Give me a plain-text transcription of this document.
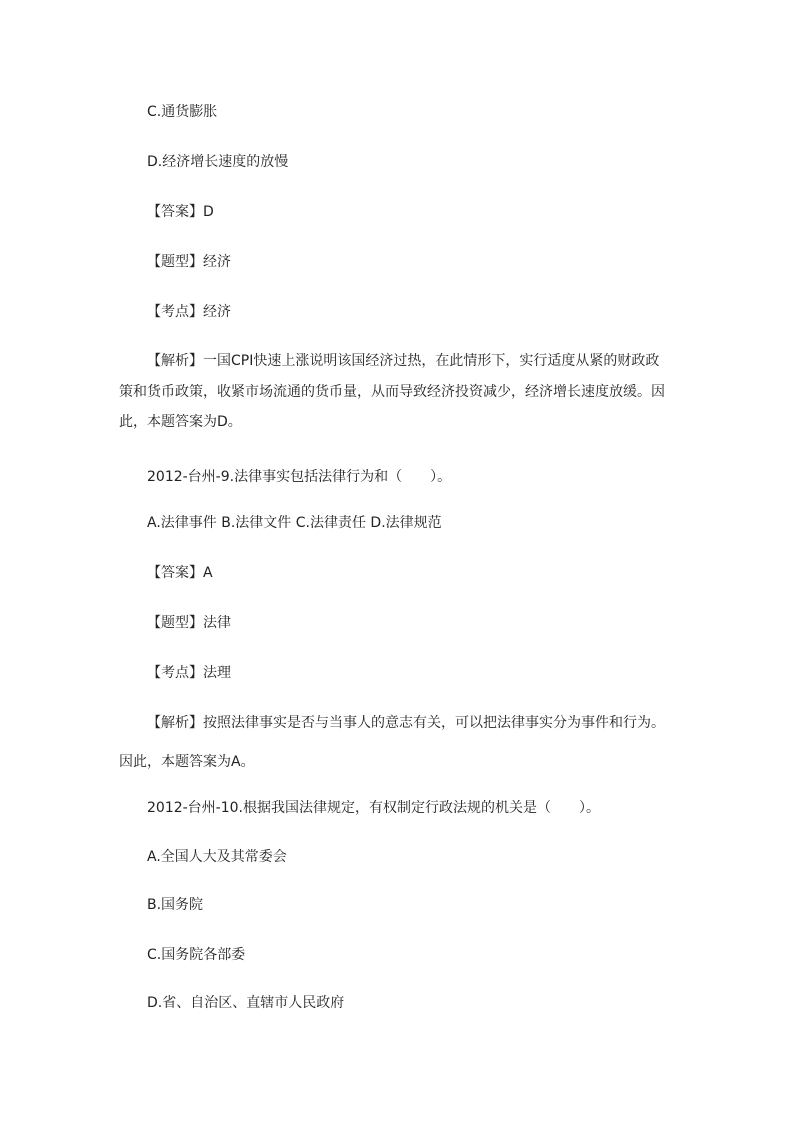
C.通货膨胀
D.经济增长速度的放慢
【答案】D
【题型】经济
【考点】经济
【解析】一国CPI快速上涨说明该国经济过热，在此情形下，实行适度从紧的财政政
策和货币政策，收紧市场流通的货币量，从而导致经济投资减少，经济增长速度放缓。因
此，本题答案为D。
2012-台州-9.法律事实包括法律行为和（　　）。
A.法律事件 B.法律文件 C.法律责任 D.法律规范
【答案】A
【题型】法律
【考点】法理
【解析】按照法律事实是否与当事人的意志有关，可以把法律事实分为事件和行为。
因此，本题答案为A。
2012-台州-10.根据我国法律规定，有权制定行政法规的机关是（　　）。
A.全国人大及其常委会
B.国务院
C.国务院各部委
D.省、自治区、直辖市人民政府
